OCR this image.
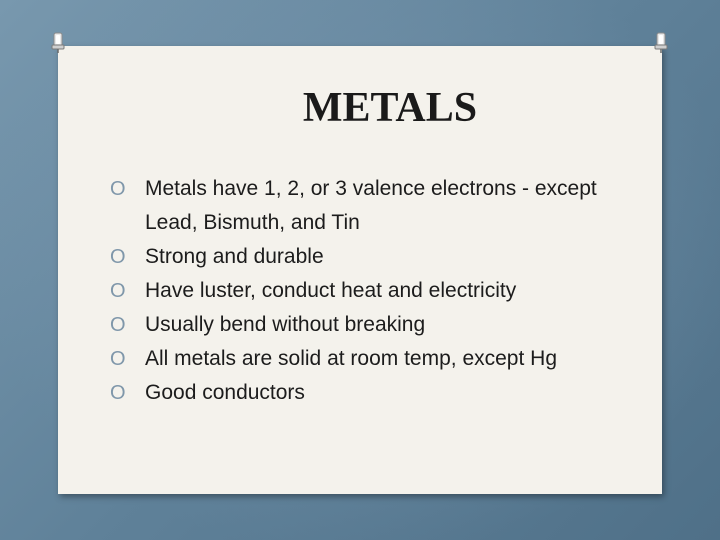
METALS
O Metals have 1, 2, or 3 valence electrons - except Lead, Bismuth, and Tin
O Strong and durable
O Have luster, conduct heat and electricity
O Usually bend without breaking
O All metals are solid at room temp, except Hg
O Good conductors
